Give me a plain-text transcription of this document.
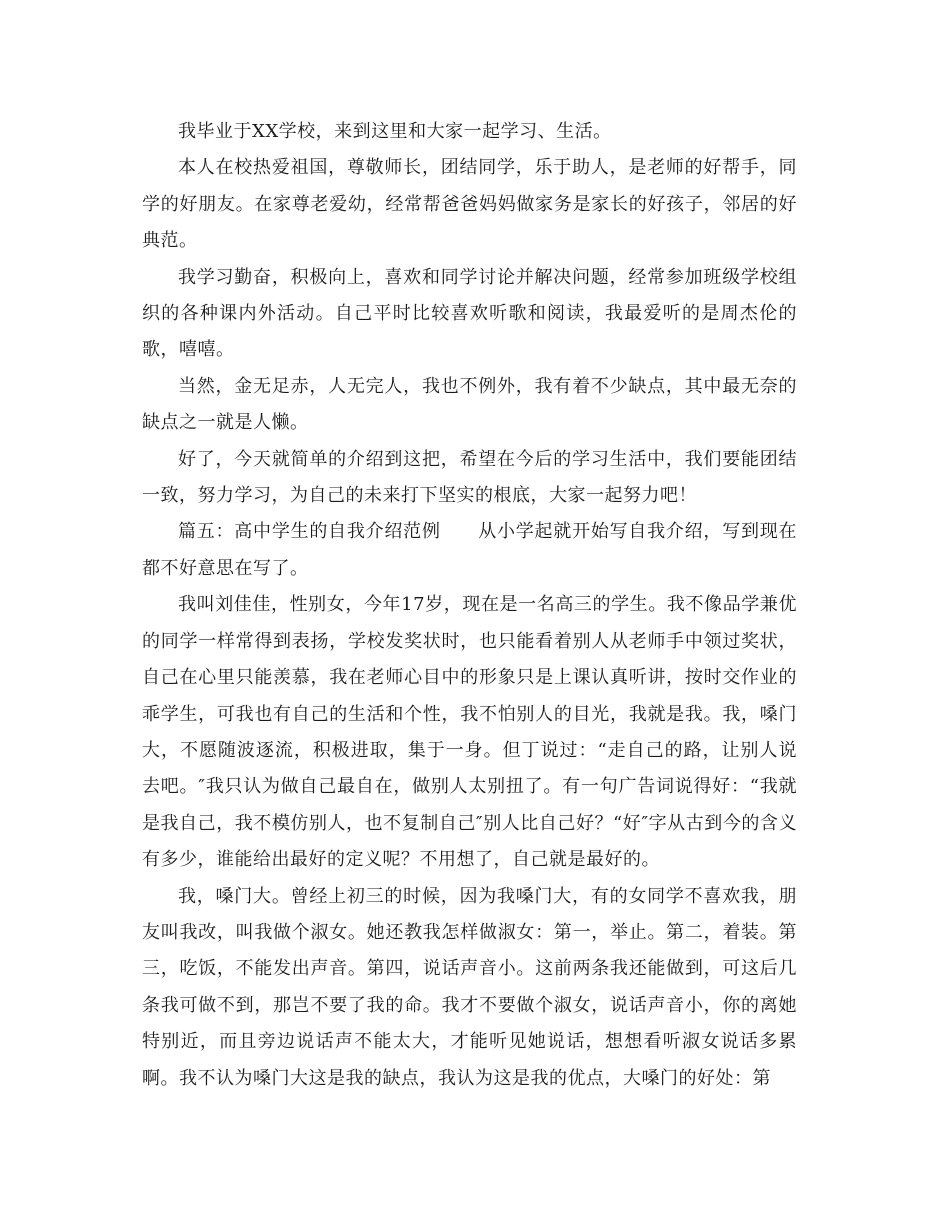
我毕业于XX学校，来到这里和大家一起学习、生活。

本人在校热爱祖国，尊敬师长，团结同学，乐于助人，是老师的好帮手，同学的好朋友。在家尊老爱幼，经常帮爸爸妈妈做家务是家长的好孩子，邻居的好典范。

我学习勤奋，积极向上，喜欢和同学讨论并解决问题，经常参加班级学校组织的各种课内外活动。自己平时比较喜欢听歌和阅读，我最爱听的是周杰伦的歌，嘻嘻。

当然，金无足赤，人无完人，我也不例外，我有着不少缺点，其中最无奈的缺点之一就是人懒。

好了，今天就简单的介绍到这把，希望在今后的学习生活中，我们要能团结一致，努力学习，为自己的未来打下坚实的根底，大家一起努力吧！

篇五：高中学生的自我介绍范例　　从小学起就开始写自我介绍，写到现在都不好意思在写了。

我叫刘佳佳，性别女，今年17岁，现在是一名高三的学生。我不像品学兼优的同学一样常得到表扬，学校发奖状时，也只能看着别人从老师手中领过奖状，自己在心里只能羡慕，我在老师心目中的形象只是上课认真听讲，按时交作业的乖学生，可我也有自己的生活和个性，我不怕别人的目光，我就是我。我，嗓门大，不愿随波逐流，积极进取，集于一身。但丁说过：“走自己的路，让别人说去吧。″我只认为做自己最自在，做别人太别扭了。有一句广告词说得好：“我就是我自己，我不模仿别人，也不复制自己″别人比自己好？“好″字从古到今的含义有多少，谁能给出最好的定义呢？不用想了，自己就是最好的。

我，嗓门大。曾经上初三的时候，因为我嗓门大，有的女同学不喜欢我，朋友叫我改，叫我做个淑女。她还教我怎样做淑女：第一，举止。第二，着装。第三，吃饭，不能发出声音。第四，说话声音小。这前两条我还能做到，可这后几条我可做不到，那岂不要了我的命。我才不要做个淑女，说话声音小，你的离她特别近，而且旁边说话声不能太大，才能听见她说话，想想看听淑女说话多累啊。我不认为嗓门大这是我的缺点，我认为这是我的优点，大嗓门的好处：第
